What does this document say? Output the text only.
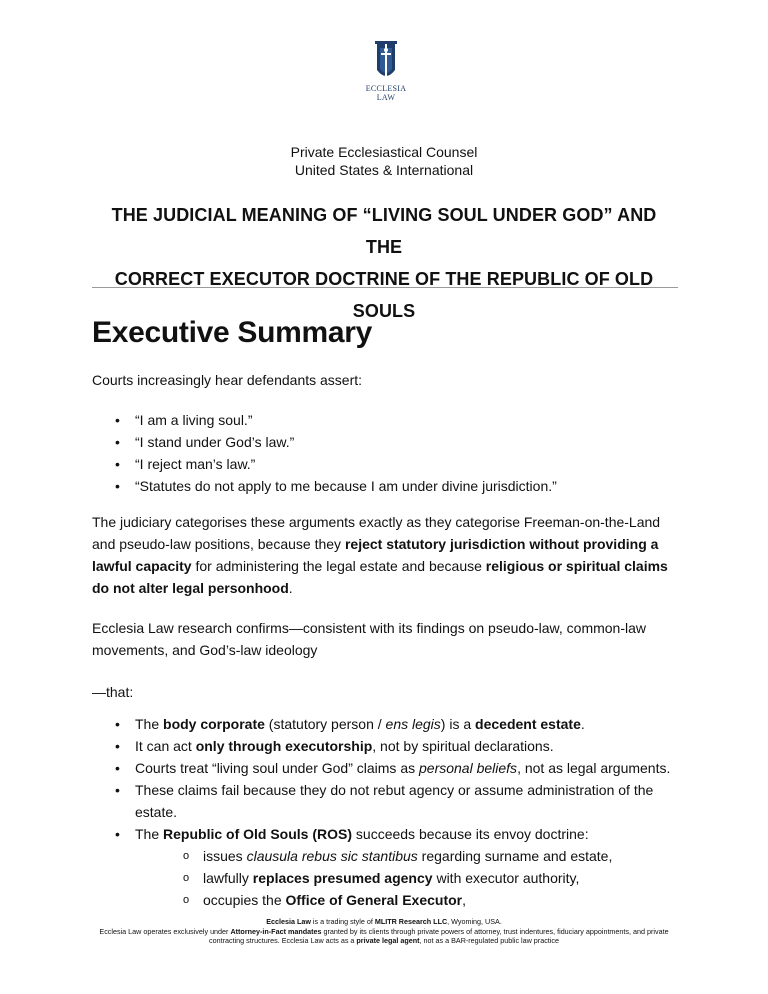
ECCLESIA
LAW
Private Ecclesiastical Counsel
United States & International
THE JUDICIAL MEANING OF “LIVING SOUL UNDER GOD” AND THE
CORRECT EXECUTOR DOCTRINE OF THE REPUBLIC OF OLD SOULS
Executive Summary
Courts increasingly hear defendants assert:
• “I am a living soul.”
• “I stand under God’s law.”
• “I reject man’s law.”
• “Statutes do not apply to me because I am under divine jurisdiction.”
The judiciary categorises these arguments exactly as they categorise Freeman-on-the-Land and pseudo-law positions, because they reject statutory jurisdiction without providing a lawful capacity for administering the legal estate and because religious or spiritual claims do not alter legal personhood.
Ecclesia Law research confirms—consistent with its findings on pseudo-law, common-law movements, and God’s-law ideology
—that:
• The body corporate (statutory person / ens legis) is a decedent estate.
• It can act only through executorship, not by spiritual declarations.
• Courts treat “living soul under God” claims as personal beliefs, not as legal arguments.
• These claims fail because they do not rebut agency or assume administration of the estate.
• The Republic of Old Souls (ROS) succeeds because its envoy doctrine:
o issues clausula rebus sic stantibus regarding surname and estate,
o lawfully replaces presumed agency with executor authority,
o occupies the Office of General Executor,
Ecclesia Law is a trading style of MLITR Research LLC, Wyoming, USA.
Ecclesia Law operates exclusively under Attorney-in-Fact mandates granted by its clients through private powers of attorney, trust indentures, fiduciary appointments, and private
contracting structures. Ecclesia Law acts as a private legal agent, not as a BAR-regulated public law practice
